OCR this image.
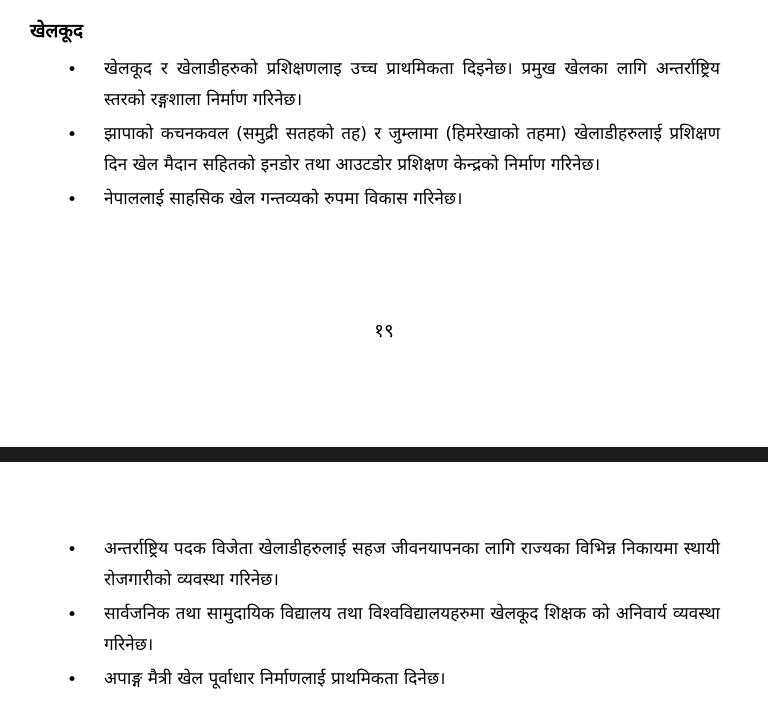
खेलकूद
• खेलकूद र खेलाडीहरुको प्रशिक्षणलाइ उच्च प्राथमिकता दिइनेछ। प्रमुख खेलका लागि अन्तर्राष्ट्रिय स्तरको रङ्गशाला निर्माण गरिनेछ।
• झापाको कचनकवल (समुद्री सतहको तह) र जुम्लामा (हिमरेखाको तहमा) खेलाडीहरुलाई प्रशिक्षण दिन खेल मैदान सहितको इनडोर तथा आउटडोर प्रशिक्षण केन्द्रको निर्माण गरिनेछ।
• नेपाललाई साहसिक खेल गन्तव्यको रुपमा विकास गरिनेछ।
१९
• अन्तर्राष्ट्रिय पदक विजेता खेलाडीहरुलाई सहज जीवनयापनका लागि राज्यका विभिन्न निकायमा स्थायी रोजगारीको व्यवस्था गरिनेछ।
• सार्वजनिक तथा सामुदायिक विद्यालय तथा विश्वविद्यालयहरुमा खेलकूद शिक्षक को अनिवार्य व्यवस्था गरिनेछ।
• अपाङ्ग मैत्री खेल पूर्वाधार निर्माणलाई प्राथमिकता दिनेछ।
